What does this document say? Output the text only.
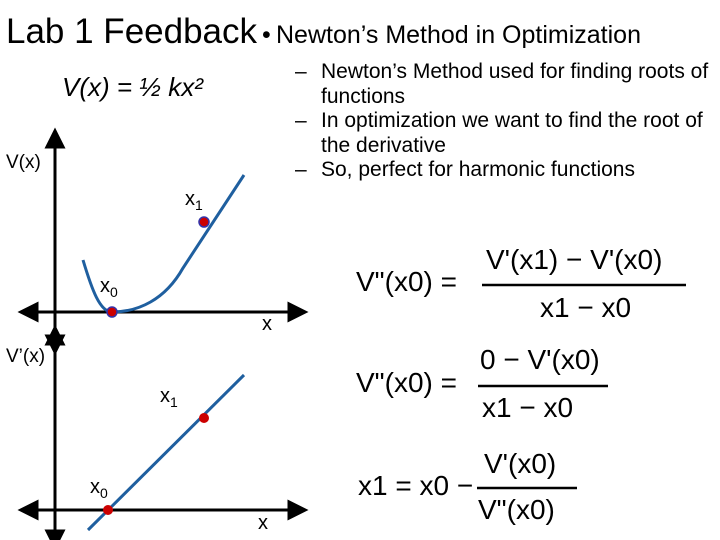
Lab 1 Feedback • Newton’s Method in Optimization

– Newton’s Method used for finding roots of functions

– In optimization we want to find the root of the derivative

– So, perfect for harmonic functions

V(x) = ½ kx²
V(x)
$x_1$
$x_0$
x
V’(x)
$x_1$
$x_0$
x
V"(x0) =
V'(x1) − V'(x0)
x1 − x0
V"(x0) =
0 − V'(x0)
x1 − x0
x1 = x0 −
V'(x0)
V"(x0)
